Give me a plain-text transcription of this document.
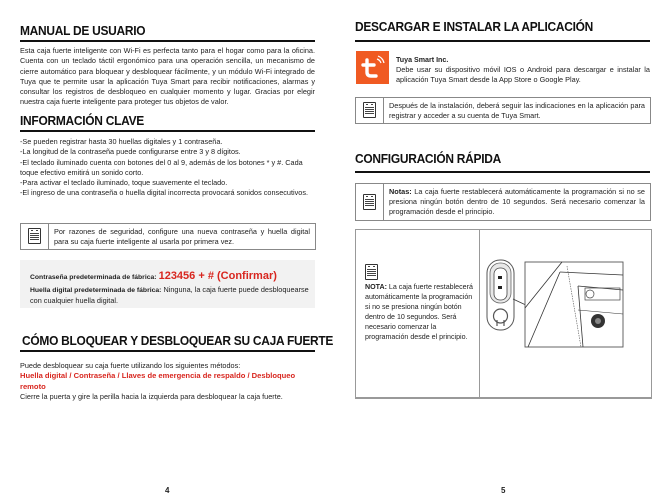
MANUAL DE USUARIO
Esta caja fuerte inteligente con Wi-Fi es perfecta tanto para el hogar como para la oficina. Cuenta con un teclado táctil ergonómico para una operación sencilla, un mecanismo de cierre automático para bloquear y desbloquear fácilmente, y un módulo Wi-Fi integrado de Tuya que te permite usar la aplicación Tuya Smart para recibir notificaciones, alarmas y consultar los registros de desbloqueo en cualquier momento y lugar. Gracias por elegir nuestra caja fuerte inteligente para proteger tus objetos de valor.
INFORMACIÓN CLAVE
-Se pueden registrar hasta 30 huellas digitales y 1 contraseña.
-La longitud de la contraseña puede configurarse entre 3 y 8 dígitos.
-El teclado iluminado cuenta con botones del 0 al 9, además de los botones * y #. Cada toque efectivo emitirá un sonido corto.
-Para activar el teclado iluminado, toque suavemente el teclado.
-El ingreso de una contraseña o huella digital incorrecta provocará sonidos consecutivos.
Por razones de seguridad, configure una nueva contraseña y huella digital para su caja fuerte inteligente al usarla por primera vez.
Contraseña predeterminada de fábrica: 123456 + # (Confirmar)
Huella digital predeterminada de fábrica: Ninguna, la caja fuerte puede desbloquearse con cualquier huella digital.
CÓMO BLOQUEAR Y DESBLOQUEAR SU CAJA FUERTE
Puede desbloquear su caja fuerte utilizando los siguientes métodos:
Huella digital / Contraseña / Llaves de emergencia de respaldo / Desbloqueo remoto
Cierre la puerta y gire la perilla hacia la izquierda para desbloquear la caja fuerte.
4
DESCARGAR E INSTALAR LA APLICACIÓN
Tuya Smart Inc.
Debe usar su dispositivo móvil IOS o Android para descargar e instalar la aplicación Tuya Smart desde la App Store o Google Play.
Después de la instalación, deberá seguir las indicaciones en la aplicación para registrar y acceder a su cuenta de Tuya Smart.
CONFIGURACIÓN RÁPIDA
Notas: La caja fuerte restablecerá automáticamente la programación si no se presiona ningún botón dentro de 10 segundos. Será necesario comenzar la programación desde el principio.
NOTA: La caja fuerte restablecerá automáticamente la programación si no se presiona ningún botón dentro de 10 segundos. Será necesario comenzar la programación desde el principio.
5
